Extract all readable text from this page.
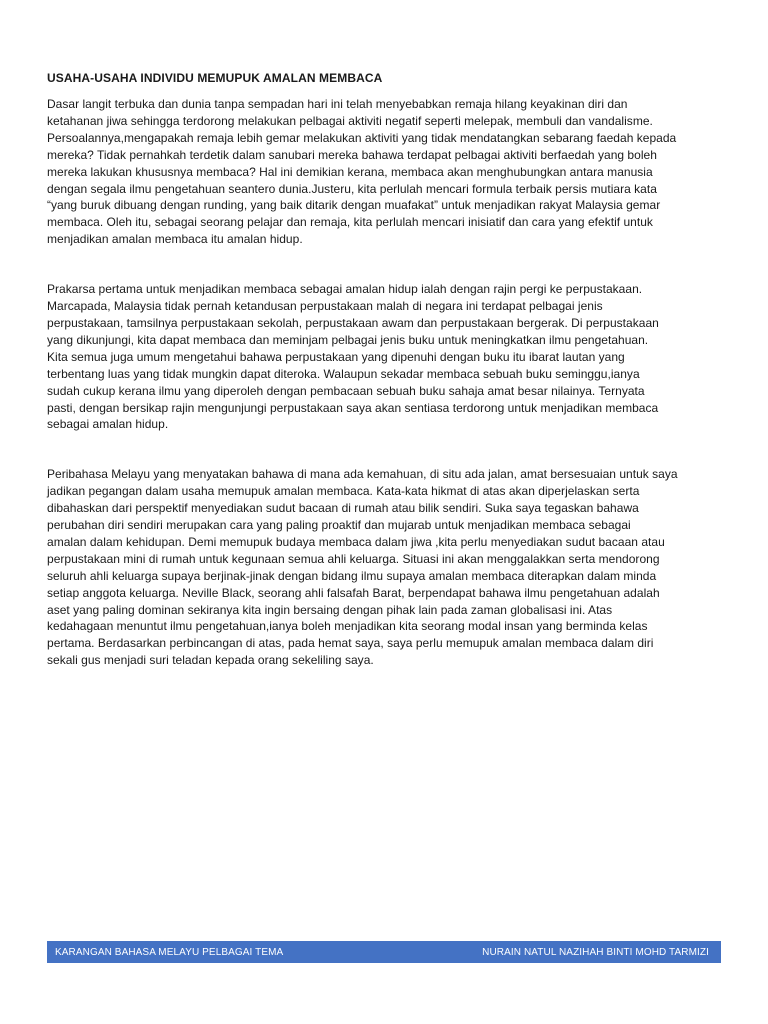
USAHA-USAHA INDIVIDU MEMUPUK AMALAN MEMBACA

Dasar langit terbuka dan dunia tanpa sempadan hari ini telah menyebabkan remaja hilang keyakinan diri dan
ketahanan jiwa sehingga terdorong melakukan pelbagai aktiviti negatif seperti melepak, membuli dan vandalisme.
Persoalannya,mengapakah remaja lebih gemar melakukan aktiviti yang tidak mendatangkan sebarang faedah kepada
mereka? Tidak pernahkah terdetik dalam sanubari mereka bahawa terdapat pelbagai aktiviti berfaedah yang boleh
mereka lakukan khususnya membaca? Hal ini demikian kerana, membaca akan menghubungkan antara manusia
dengan segala ilmu pengetahuan seantero dunia.Justeru, kita perlulah mencari formula terbaik persis mutiara kata
“yang buruk dibuang dengan runding, yang baik ditarik dengan muafakat” untuk menjadikan rakyat Malaysia gemar
membaca. Oleh itu, sebagai seorang pelajar dan remaja, kita perlulah mencari inisiatif dan cara yang efektif untuk
menjadikan amalan membaca itu amalan hidup.

Prakarsa pertama untuk menjadikan membaca sebagai amalan hidup ialah dengan rajin pergi ke perpustakaan.
Marcapada, Malaysia tidak pernah ketandusan perpustakaan malah di negara ini terdapat pelbagai jenis
perpustakaan, tamsilnya perpustakaan sekolah, perpustakaan awam dan perpustakaan bergerak. Di perpustakaan
yang dikunjungi, kita dapat membaca dan meminjam pelbagai jenis buku untuk meningkatkan ilmu pengetahuan.
Kita semua juga umum mengetahui bahawa perpustakaan yang dipenuhi dengan buku itu ibarat lautan yang
terbentang luas yang tidak mungkin dapat diteroka. Walaupun sekadar membaca sebuah buku seminggu,ianya
sudah cukup kerana ilmu yang diperoleh dengan pembacaan sebuah buku sahaja amat besar nilainya. Ternyata
pasti, dengan bersikap rajin mengunjungi perpustakaan saya akan sentiasa terdorong untuk menjadikan membaca
sebagai amalan hidup.

Peribahasa Melayu yang menyatakan bahawa di mana ada kemahuan, di situ ada jalan, amat bersesuaian untuk saya
jadikan pegangan dalam usaha memupuk amalan membaca. Kata-kata hikmat di atas akan diperjelaskan serta
dibahaskan dari perspektif menyediakan sudut bacaan di rumah atau bilik sendiri. Suka saya tegaskan bahawa
perubahan diri sendiri merupakan cara yang paling proaktif dan mujarab untuk menjadikan membaca sebagai
amalan dalam kehidupan. Demi memupuk budaya membaca dalam jiwa ,kita perlu menyediakan sudut bacaan atau
perpustakaan mini di rumah untuk kegunaan semua ahli keluarga. Situasi ini akan menggalakkan serta mendorong
seluruh ahli keluarga supaya berjinak-jinak dengan bidang ilmu supaya amalan membaca diterapkan dalam minda
setiap anggota keluarga. Neville Black, seorang ahli falsafah Barat, berpendapat bahawa ilmu pengetahuan adalah
aset yang paling dominan sekiranya kita ingin bersaing dengan pihak lain pada zaman globalisasi ini. Atas
kedahagaan menuntut ilmu pengetahuan,ianya boleh menjadikan kita seorang modal insan yang berminda kelas
pertama. Berdasarkan perbincangan di atas, pada hemat saya, saya perlu memupuk amalan membaca dalam diri
sekali gus menjadi suri teladan kepada orang sekeliling saya.

KARANGAN BAHASA MELAYU PELBAGAI TEMA	NURAIN NATUL NAZIHAH BINTI MOHD TARMIZI
